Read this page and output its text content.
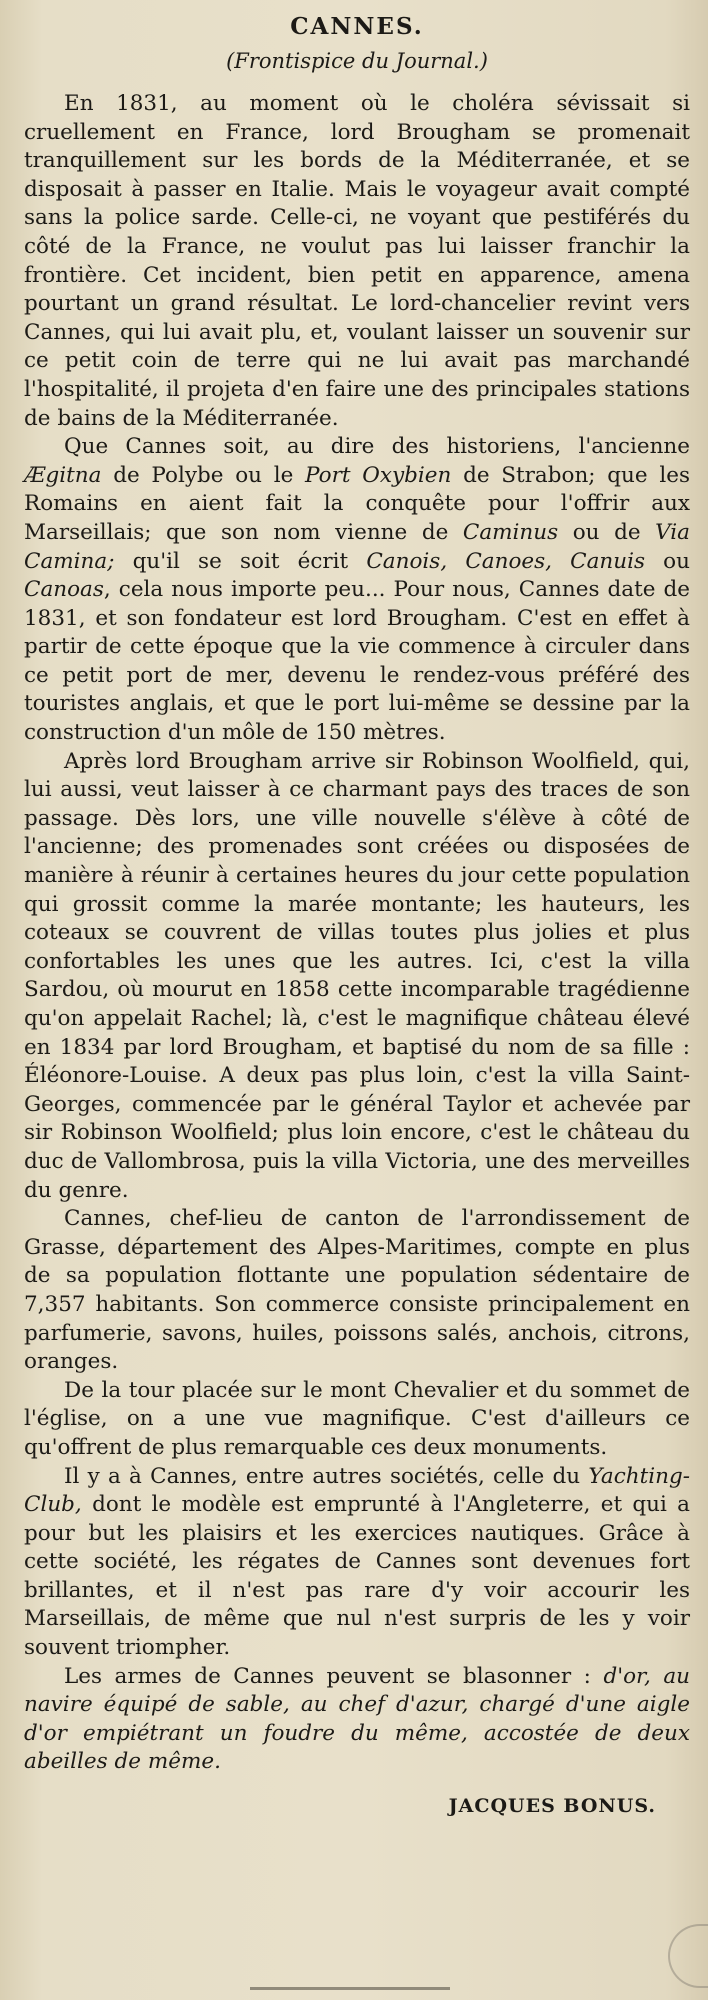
CANNES.
(Frontispice du Journal.)

En 1831, au moment où le choléra sévissait si cruellement en France, lord Brougham se promenait tranquillement sur les bords de la Méditerranée, et se disposait à passer en Italie. Mais le voyageur avait compté sans la police sarde. Celle-ci, ne voyant que pestiférés du côté de la France, ne voulut pas lui laisser franchir la frontière. Cet incident, bien petit en apparence, amena pourtant un grand résultat. Le lord-chancelier revint vers Cannes, qui lui avait plu, et, voulant laisser un souvenir sur ce petit coin de terre qui ne lui avait pas marchandé l'hospitalité, il projeta d'en faire une des principales stations de bains de la Méditerranée.

Que Cannes soit, au dire des historiens, l'ancienne Ægitna de Polybe ou le Port Oxybien de Strabon; que les Romains en aient fait la conquête pour l'offrir aux Marseillais; que son nom vienne de Caminus ou de Via Camina; qu'il se soit écrit Canois, Canoes, Canuis ou Canoas, cela nous importe peu... Pour nous, Cannes date de 1831, et son fondateur est lord Brougham. C'est en effet à partir de cette époque que la vie commence à circuler dans ce petit port de mer, devenu le rendez-vous préféré des touristes anglais, et que le port lui-même se dessine par la construction d'un môle de 150 mètres.

Après lord Brougham arrive sir Robinson Woolfield, qui, lui aussi, veut laisser à ce charmant pays des traces de son passage. Dès lors, une ville nouvelle s'élève à côté de l'ancienne; des promenades sont créées ou disposées de manière à réunir à certaines heures du jour cette population qui grossit comme la marée montante; les hauteurs, les coteaux se couvrent de villas toutes plus jolies et plus confortables les unes que les autres. Ici, c'est la villa Sardou, où mourut en 1858 cette incomparable tragédienne qu'on appelait Rachel; là, c'est le magnifique château élevé en 1834 par lord Brougham, et baptisé du nom de sa fille : Éléonore-Louise. A deux pas plus loin, c'est la villa Saint-Georges, commencée par le général Taylor et achevée par sir Robinson Woolfield; plus loin encore, c'est le château du duc de Vallombrosa, puis la villa Victoria, une des merveilles du genre.

Cannes, chef-lieu de canton de l'arrondissement de Grasse, département des Alpes-Maritimes, compte en plus de sa population flottante une population sédentaire de 7,357 habitants. Son commerce consiste principalement en parfumerie, savons, huiles, poissons salés, anchois, citrons, oranges.

De la tour placée sur le mont Chevalier et du sommet de l'église, on a une vue magnifique. C'est d'ailleurs ce qu'offrent de plus remarquable ces deux monuments.

Il y a à Cannes, entre autres sociétés, celle du Yachting-Club, dont le modèle est emprunté à l'Angleterre, et qui a pour but les plaisirs et les exercices nautiques. Grâce à cette société, les régates de Cannes sont devenues fort brillantes, et il n'est pas rare d'y voir accourir les Marseillais, de même que nul n'est surpris de les y voir souvent triompher.

Les armes de Cannes peuvent se blasonner : d'or, au navire équipé de sable, au chef d'azur, chargé d'une aigle d'or empiétrant un foudre du même, accostée de deux abeilles de même.

JACQUES BONUS.
